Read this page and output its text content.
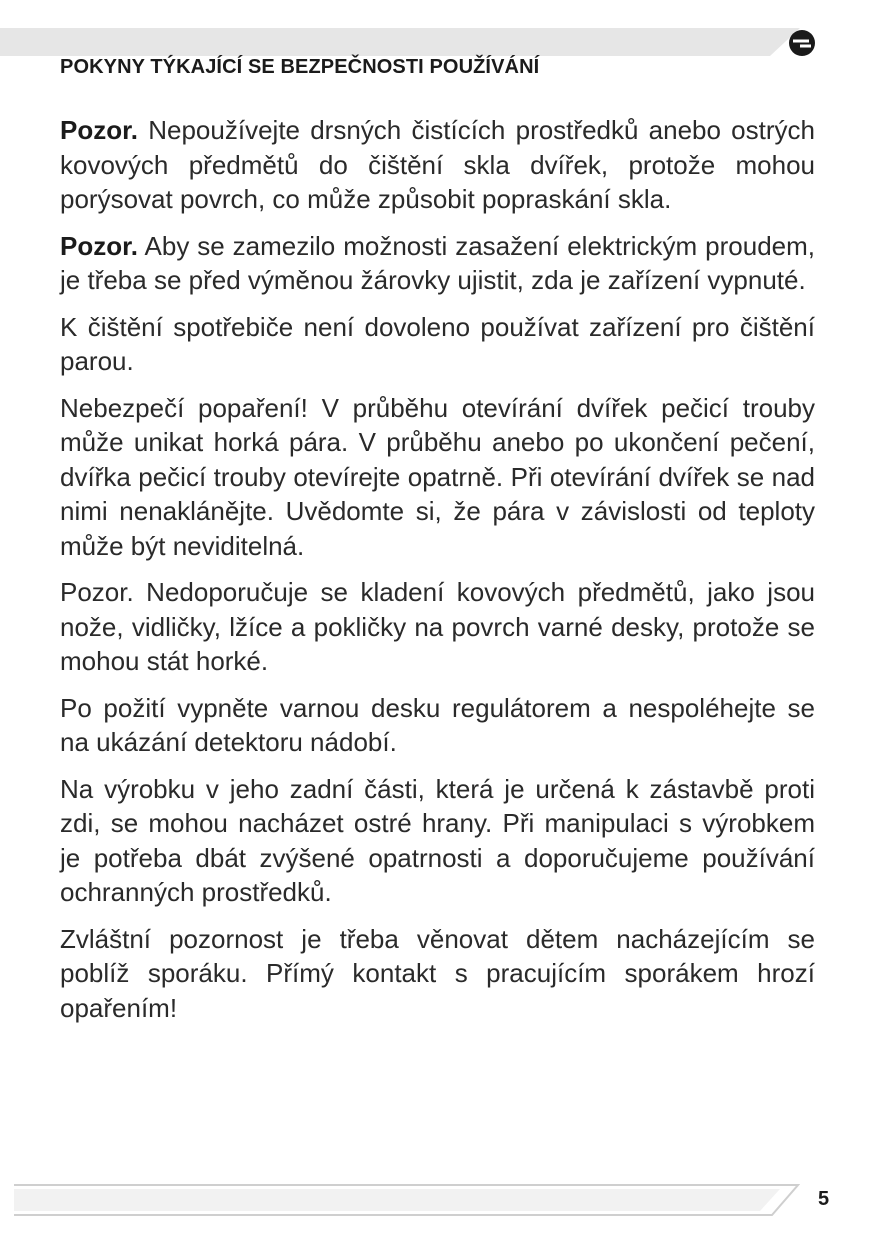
POKYNY TÝKAJÍCÍ SE BEZPEČNOSTI POUŽÍVÁNÍ

Pozor. Nepoužívejte drsných čistících prostředků anebo ostrých kovových předmětů do čištění skla dvířek, protože mohou porýsovat povrch, co může způsobit popraskání skla.

Pozor. Aby se zamezilo možnosti zasažení elektrickým proudem, je třeba se před výměnou žárovky ujistit, zda je zařízení vypnuté.

K čištění spotřebiče není dovoleno používat zařízení pro čištění parou.

Nebezpečí popaření! V průběhu otevírání dvířek pečicí trouby může unikat horká pára. V průběhu anebo po ukončení pečení, dvířka pečicí trouby otevírejte opatrně. Při otevírání dvířek se nad nimi nenaklánějte. Uvědomte si, že pára v závislosti od teploty může být neviditelná.

Pozor. Nedoporučuje se kladení kovových předmětů, jako jsou nože, vidličky, lžíce a pokličky na povrch varné desky, protože se mohou stát horké.

Po požití vypněte varnou desku regulátorem a nespoléhejte se na ukázání detektoru nádobí.

Na výrobku v jeho zadní části, která je určená k zástavbě proti zdi, se mohou nacházet ostré hrany. Při manipulaci s výrobkem je potřeba dbát zvýšené opatrnosti a doporučujeme používání ochranných prostředků.

Zvláštní pozornost je třeba věnovat dětem nacházejícím se poblíž sporáku. Přímý kontakt s pracujícím sporákem hrozí opařením!

5
